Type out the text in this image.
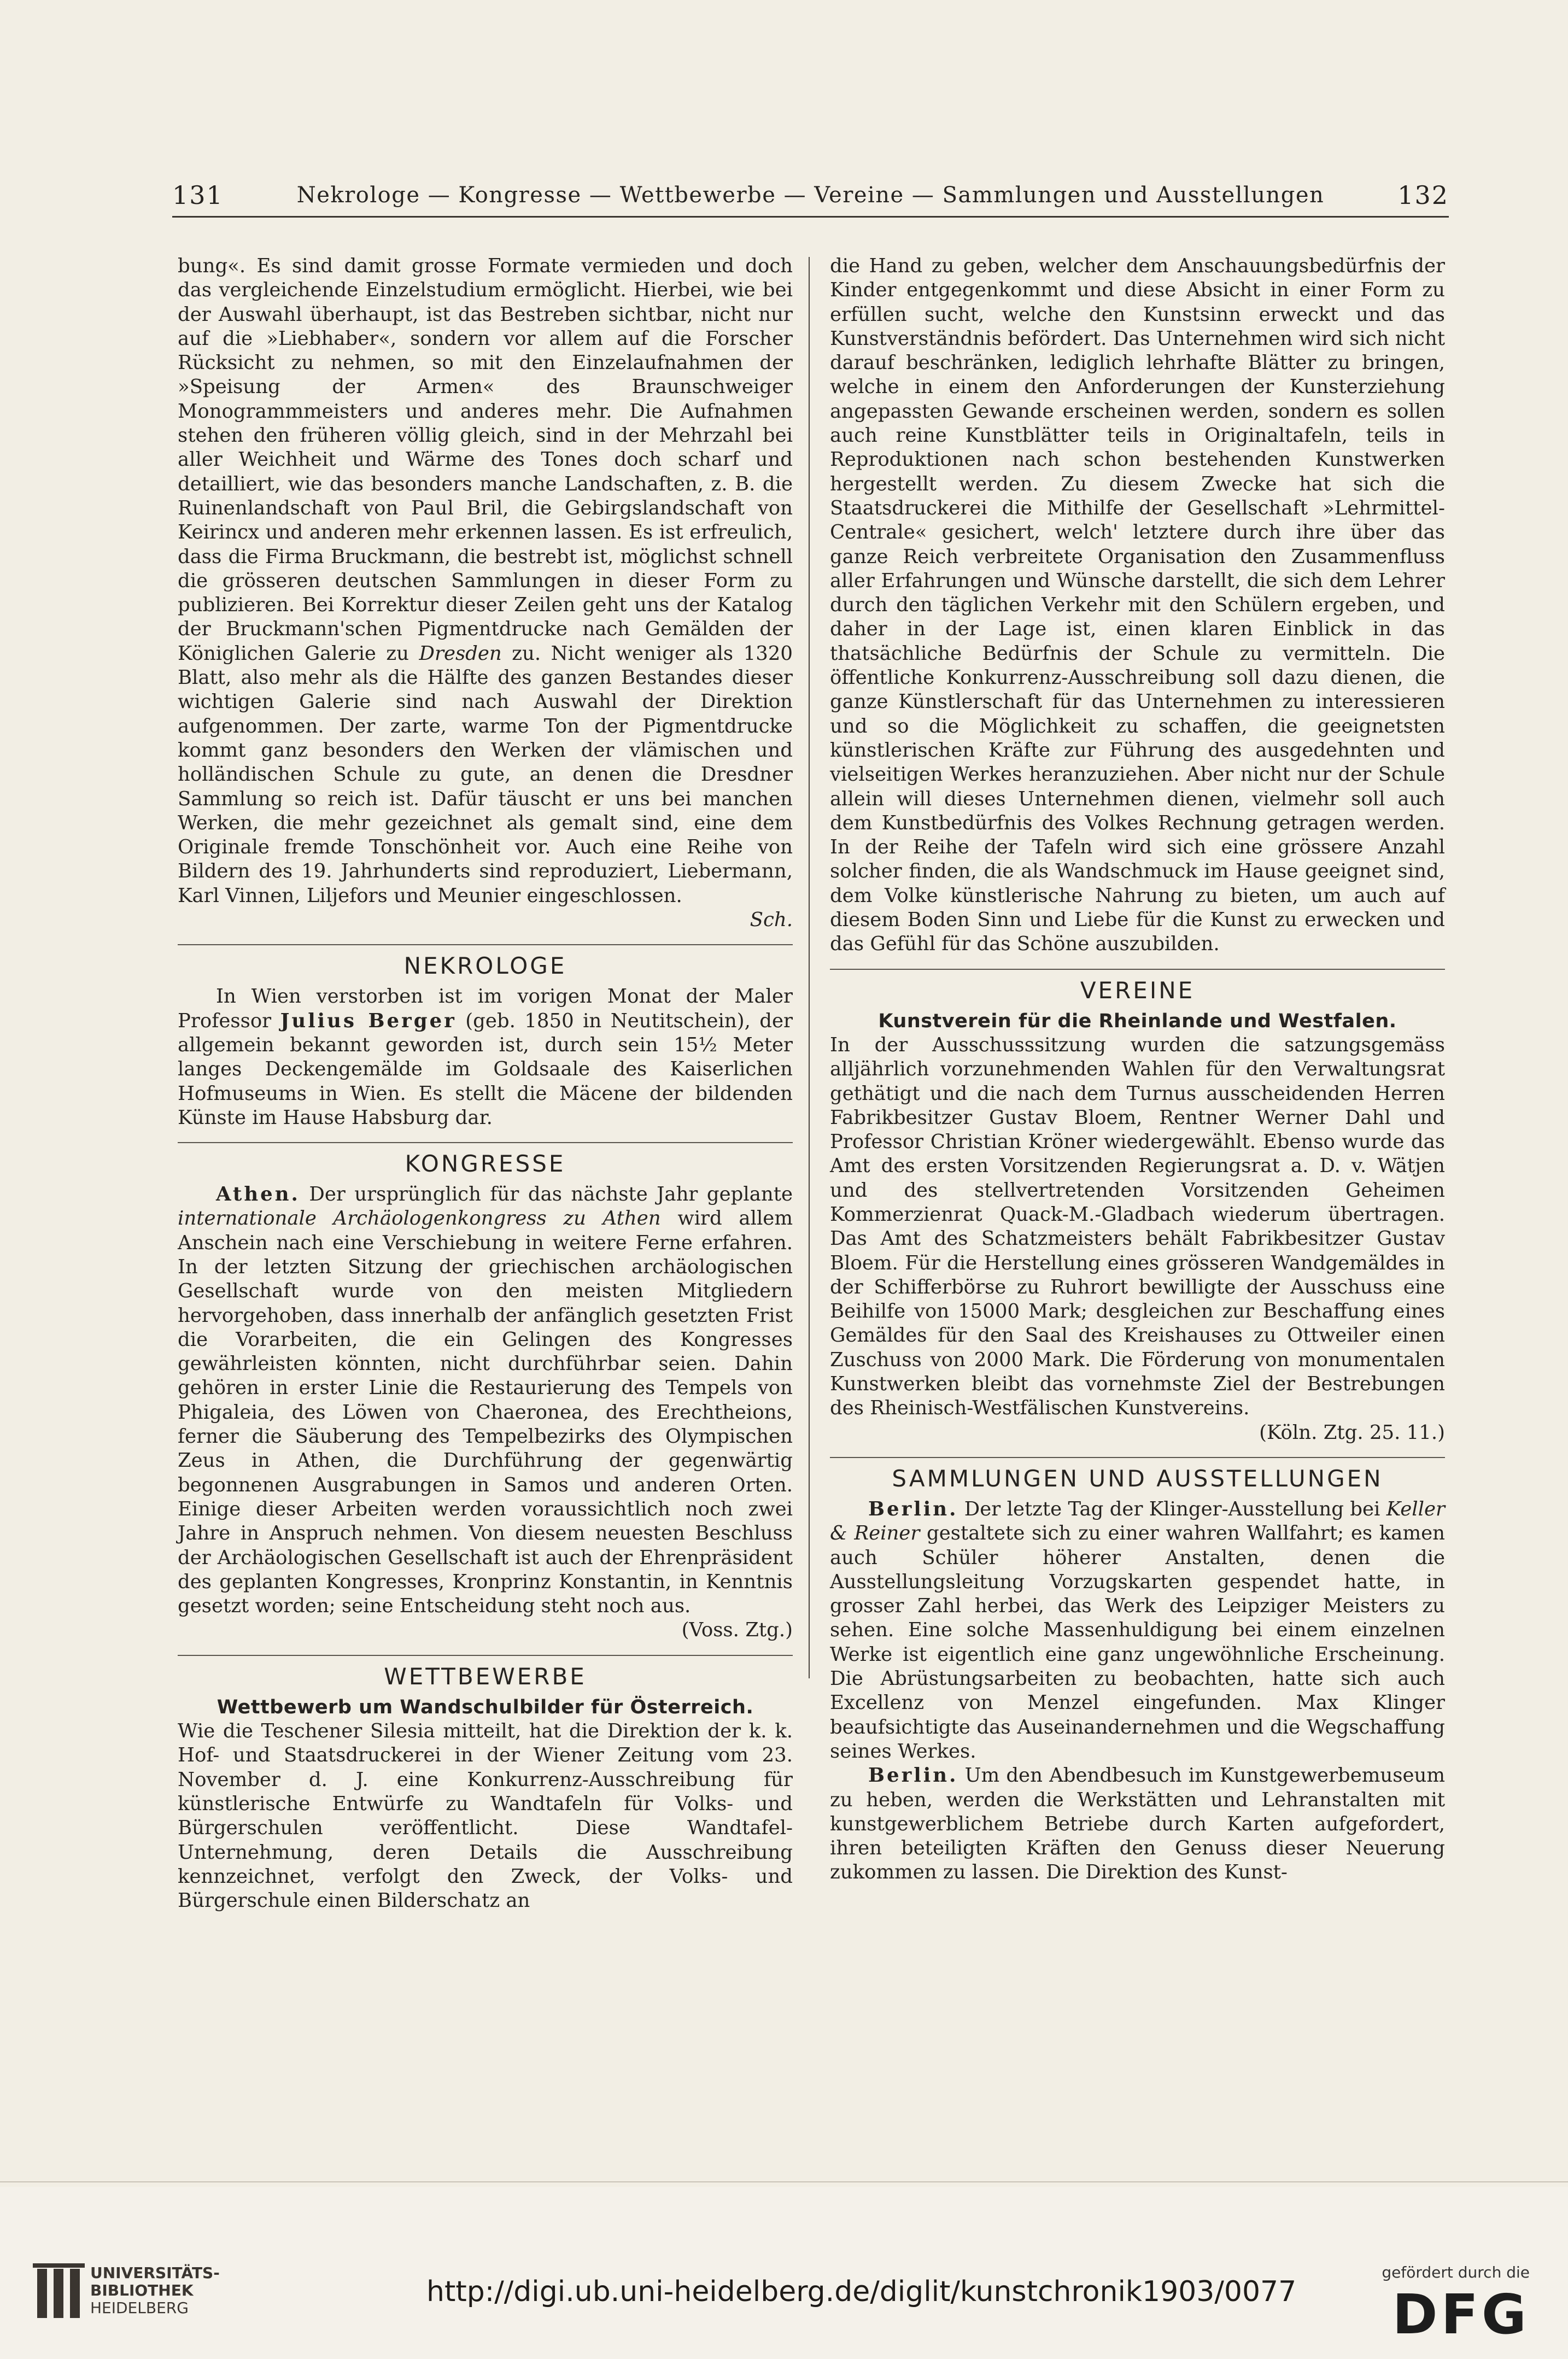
131	Nekrologe — Kongresse — Wettbewerbe — Vereine — Sammlungen und Ausstellungen	132

bung«. Es sind damit grosse Formate vermieden und doch das vergleichende Einzelstudium ermöglicht. Hierbei, wie bei der Auswahl überhaupt, ist das Bestreben sichtbar, nicht nur auf die »Liebhaber«, sondern vor allem auf die Forscher Rücksicht zu nehmen, so mit den Einzelaufnahmen der »Speisung der Armen« des Braunschweiger Monogrammmeisters und anderes mehr. Die Aufnahmen stehen den früheren völlig gleich, sind in der Mehrzahl bei aller Weichheit und Wärme des Tones doch scharf und detailliert, wie das besonders manche Landschaften, z. B. die Ruinenlandschaft von Paul Bril, die Gebirgslandschaft von Keirincx und anderen mehr erkennen lassen. Es ist erfreulich, dass die Firma Bruckmann, die bestrebt ist, möglichst schnell die grösseren deutschen Sammlungen in dieser Form zu publizieren. Bei Korrektur dieser Zeilen geht uns der Katalog der Bruckmann'schen Pigmentdrucke nach Gemälden der Königlichen Galerie zu Dresden zu. Nicht weniger als 1320 Blatt, also mehr als die Hälfte des ganzen Bestandes dieser wichtigen Galerie sind nach Auswahl der Direktion aufgenommen. Der zarte, warme Ton der Pigmentdrucke kommt ganz besonders den Werken der vlämischen und holländischen Schule zu gute, an denen die Dresdner Sammlung so reich ist. Dafür täuscht er uns bei manchen Werken, die mehr gezeichnet als gemalt sind, eine dem Originale fremde Tonschönheit vor. Auch eine Reihe von Bildern des 19. Jahrhunderts sind reproduziert, Liebermann, Karl Vinnen, Liljefors und Meunier eingeschlossen.

Sch.

NEKROLOGE

In Wien verstorben ist im vorigen Monat der Maler Professor Julius Berger (geb. 1850 in Neutitschein), der allgemein bekannt geworden ist, durch sein 15½ Meter langes Deckengemälde im Goldsaale des Kaiserlichen Hofmuseums in Wien. Es stellt die Mäcene der bildenden Künste im Hause Habsburg dar.

KONGRESSE

Athen. Der ursprünglich für das nächste Jahr geplante internationale Archäologenkongress zu Athen wird allem Anschein nach eine Verschiebung in weitere Ferne erfahren. In der letzten Sitzung der griechischen archäologischen Gesellschaft wurde von den meisten Mitgliedern hervorgehoben, dass innerhalb der anfänglich gesetzten Frist die Vorarbeiten, die ein Gelingen des Kongresses gewährleisten könnten, nicht durchführbar seien. Dahin gehören in erster Linie die Restaurierung des Tempels von Phigaleia, des Löwen von Chaeronea, des Erechtheions, ferner die Säuberung des Tempelbezirks des Olympischen Zeus in Athen, die Durchführung der gegenwärtig begonnenen Ausgrabungen in Samos und anderen Orten. Einige dieser Arbeiten werden voraussichtlich noch zwei Jahre in Anspruch nehmen. Von diesem neuesten Beschluss der Archäologischen Gesellschaft ist auch der Ehrenpräsident des geplanten Kongresses, Kronprinz Konstantin, in Kenntnis gesetzt worden; seine Entscheidung steht noch aus.

(Voss. Ztg.)

WETTBEWERBE
Wettbewerb um Wandschulbilder für Österreich.

Wie die Teschener Silesia mitteilt, hat die Direktion der k. k. Hof- und Staatsdruckerei in der Wiener Zeitung vom 23. November d. J. eine Konkurrenz-Ausschreibung für künstlerische Entwürfe zu Wandtafeln für Volks- und Bürgerschulen veröffentlicht. Diese Wandtafel-Unternehmung, deren Details die Ausschreibung kennzeichnet, verfolgt den Zweck, der Volks- und Bürgerschule einen Bilderschatz an

die Hand zu geben, welcher dem Anschauungsbedürfnis der Kinder entgegenkommt und diese Absicht in einer Form zu erfüllen sucht, welche den Kunstsinn erweckt und das Kunstverständnis befördert. Das Unternehmen wird sich nicht darauf beschränken, lediglich lehrhafte Blätter zu bringen, welche in einem den Anforderungen der Kunsterziehung angepassten Gewande erscheinen werden, sondern es sollen auch reine Kunstblätter teils in Originaltafeln, teils in Reproduktionen nach schon bestehenden Kunstwerken hergestellt werden. Zu diesem Zwecke hat sich die Staatsdruckerei die Mithilfe der Gesellschaft »Lehrmittel-Centrale« gesichert, welch' letztere durch ihre über das ganze Reich verbreitete Organisation den Zusammenfluss aller Erfahrungen und Wünsche darstellt, die sich dem Lehrer durch den täglichen Verkehr mit den Schülern ergeben, und daher in der Lage ist, einen klaren Einblick in das thatsächliche Bedürfnis der Schule zu vermitteln. Die öffentliche Konkurrenz-Ausschreibung soll dazu dienen, die ganze Künstlerschaft für das Unternehmen zu interessieren und so die Möglichkeit zu schaffen, die geeignetsten künstlerischen Kräfte zur Führung des ausgedehnten und vielseitigen Werkes heranzuziehen. Aber nicht nur der Schule allein will dieses Unternehmen dienen, vielmehr soll auch dem Kunstbedürfnis des Volkes Rechnung getragen werden. In der Reihe der Tafeln wird sich eine grössere Anzahl solcher finden, die als Wandschmuck im Hause geeignet sind, dem Volke künstlerische Nahrung zu bieten, um auch auf diesem Boden Sinn und Liebe für die Kunst zu erwecken und das Gefühl für das Schöne auszubilden.

VEREINE
Kunstverein für die Rheinlande und Westfalen.

In der Ausschusssitzung wurden die satzungsgemäss alljährlich vorzunehmenden Wahlen für den Verwaltungsrat gethätigt und die nach dem Turnus ausscheidenden Herren Fabrikbesitzer Gustav Bloem, Rentner Werner Dahl und Professor Christian Kröner wiedergewählt. Ebenso wurde das Amt des ersten Vorsitzenden Regierungsrat a. D. v. Wätjen und des stellvertretenden Vorsitzenden Geheimen Kommerzienrat Quack-M.-Gladbach wiederum übertragen. Das Amt des Schatzmeisters behält Fabrikbesitzer Gustav Bloem. Für die Herstellung eines grösseren Wandgemäldes in der Schifferbörse zu Ruhrort bewilligte der Ausschuss eine Beihilfe von 15000 Mark; desgleichen zur Beschaffung eines Gemäldes für den Saal des Kreishauses zu Ottweiler einen Zuschuss von 2000 Mark. Die Förderung von monumentalen Kunstwerken bleibt das vornehmste Ziel der Bestrebungen des Rheinisch-Westfälischen Kunstvereins.

(Köln. Ztg. 25. 11.)

SAMMLUNGEN UND AUSSTELLUNGEN

Berlin. Der letzte Tag der Klinger-Ausstellung bei Keller & Reiner gestaltete sich zu einer wahren Wallfahrt; es kamen auch Schüler höherer Anstalten, denen die Ausstellungsleitung Vorzugskarten gespendet hatte, in grosser Zahl herbei, das Werk des Leipziger Meisters zu sehen. Eine solche Massenhuldigung bei einem einzelnen Werke ist eigentlich eine ganz ungewöhnliche Erscheinung. Die Abrüstungsarbeiten zu beobachten, hatte sich auch Excellenz von Menzel eingefunden. Max Klinger beaufsichtigte das Auseinandernehmen und die Wegschaffung seines Werkes.

Berlin. Um den Abendbesuch im Kunstgewerbemuseum zu heben, werden die Werkstätten und Lehranstalten mit kunstgewerblichem Betriebe durch Karten aufgefordert, ihren beteiligten Kräften den Genuss dieser Neuerung zukommen zu lassen. Die Direktion des Kunst-

UNIVERSITÄTS-
BIBLIOTHEK
HEIDELBERG	http://digi.ub.uni-heidelberg.de/diglit/kunstchronik1903/0077
gefördert durch die
DFG
